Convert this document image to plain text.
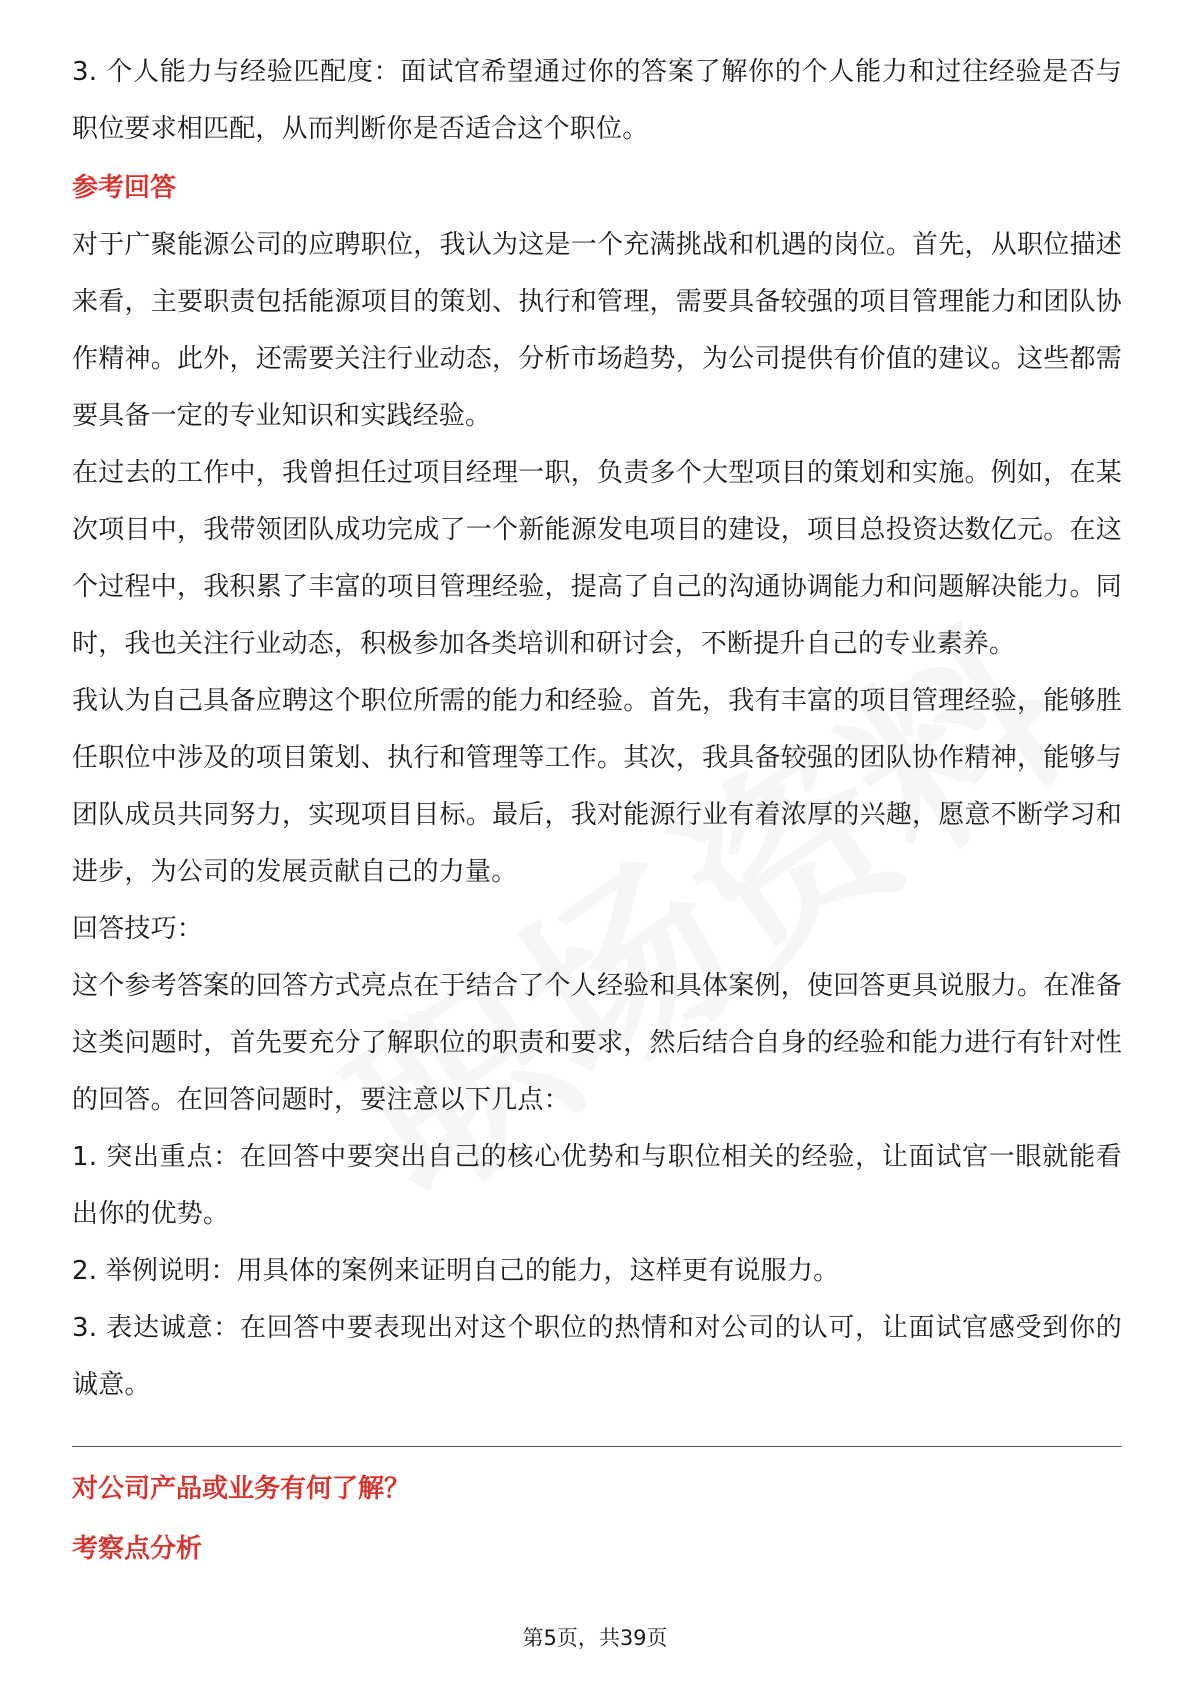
3. 个人能力与经验匹配度：面试官希望通过你的答案了解你的个人能力和过往经验是否与职位要求相匹配，从而判断你是否适合这个职位。

参考回答

对于广聚能源公司的应聘职位，我认为这是一个充满挑战和机遇的岗位。首先，从职位描述来看，主要职责包括能源项目的策划、执行和管理，需要具备较强的项目管理能力和团队协作精神。此外，还需要关注行业动态，分析市场趋势，为公司提供有价值的建议。这些都需要具备一定的专业知识和实践经验。

在过去的工作中，我曾担任过项目经理一职，负责多个大型项目的策划和实施。例如，在某次项目中，我带领团队成功完成了一个新能源发电项目的建设，项目总投资达数亿元。在这个过程中，我积累了丰富的项目管理经验，提高了自己的沟通协调能力和问题解决能力。同时，我也关注行业动态，积极参加各类培训和研讨会，不断提升自己的专业素养。

我认为自己具备应聘这个职位所需的能力和经验。首先，我有丰富的项目管理经验，能够胜任职位中涉及的项目策划、执行和管理等工作。其次，我具备较强的团队协作精神，能够与团队成员共同努力，实现项目目标。最后，我对能源行业有着浓厚的兴趣，愿意不断学习和进步，为公司的发展贡献自己的力量。

回答技巧：

这个参考答案的回答方式亮点在于结合了个人经验和具体案例，使回答更具说服力。在准备这类问题时，首先要充分了解职位的职责和要求，然后结合自身的经验和能力进行有针对性的回答。在回答问题时，要注意以下几点：

1. 突出重点：在回答中要突出自己的核心优势和与职位相关的经验，让面试官一眼就能看出你的优势。

2. 举例说明：用具体的案例来证明自己的能力，这样更有说服力。

3. 表达诚意：在回答中要表现出对这个职位的热情和对公司的认可，让面试官感受到你的诚意。

对公司产品或业务有何了解？
考察点分析
第5页，共39页
